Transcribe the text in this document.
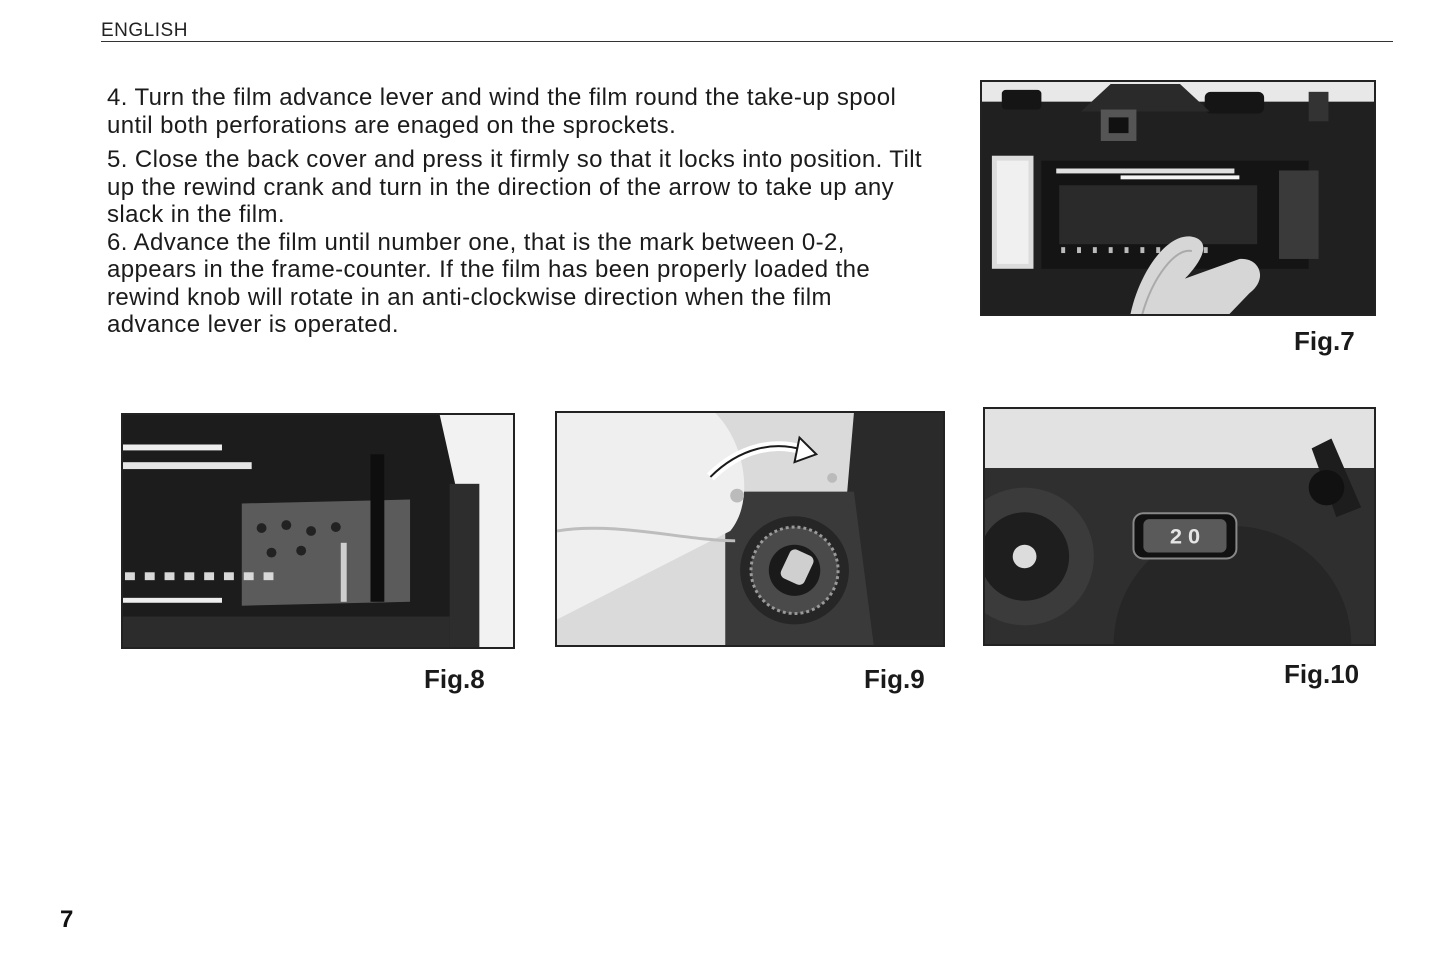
ENGLISH

4. Turn the film advance lever and wind the film round the take-up spool until both perforations are enaged on the sprockets.

5. Close the back cover and press it firmly so that it locks into position. Tilt up the rewind crank and turn in the direction of the arrow to take up any slack in the film.

6. Advance the film until number one, that is the mark between 0-2, appears in the frame-counter. If the film has been properly loaded the rewind knob will rotate in an anti-clockwise direction when the film advance lever is operated.

Fig.7
Fig.8	Fig.9
2 0
Fig.10
7
